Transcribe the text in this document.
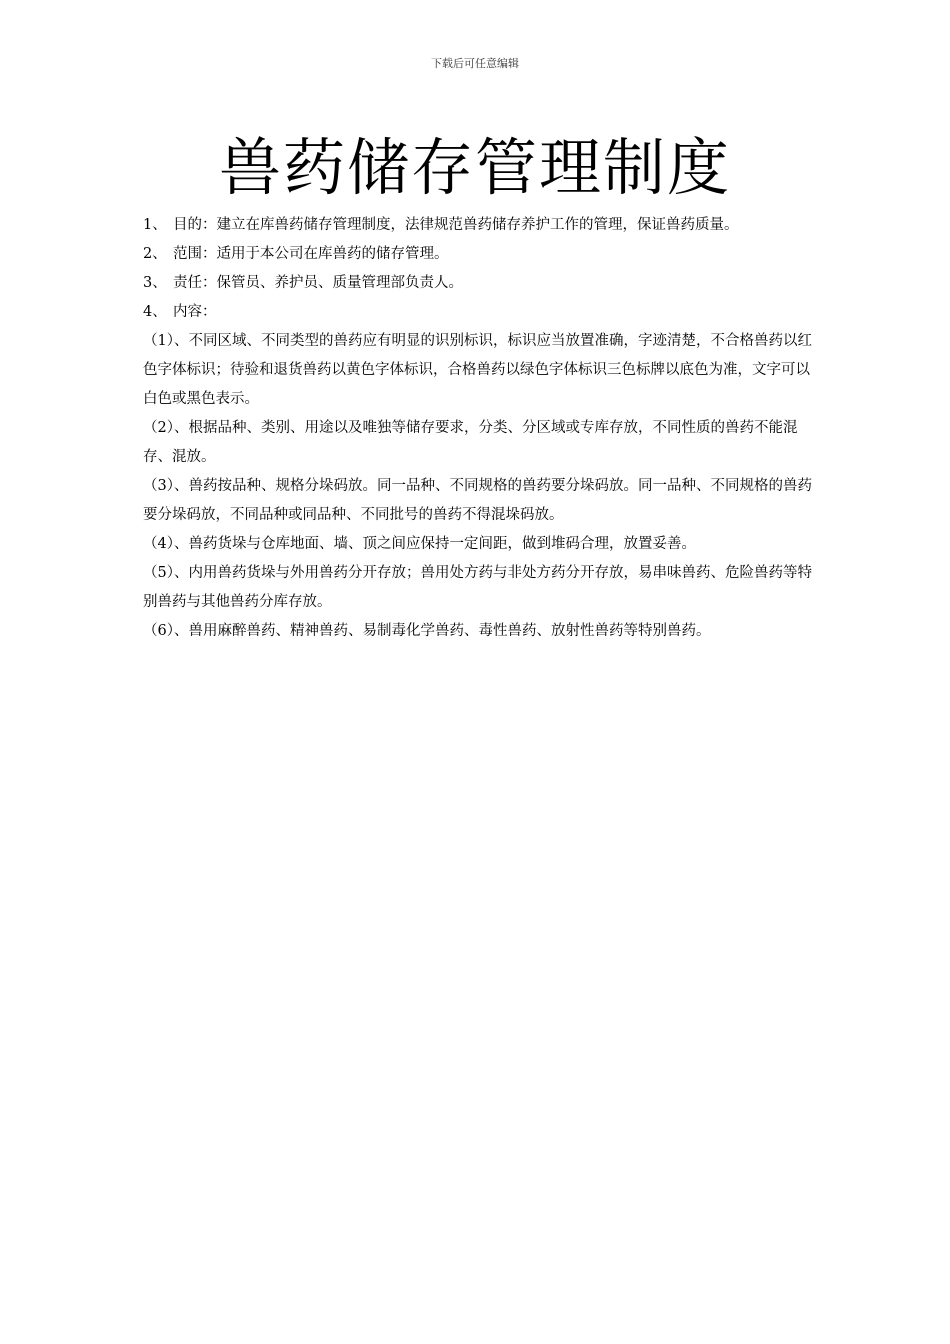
下载后可任意编辑
兽药储存管理制度
1、 目的：建立在库兽药储存管理制度，法律规范兽药储存养护工作的管理，保证兽药质量。
2、 范围：适用于本公司在库兽药的储存管理。
3、 责任：保管员、养护员、质量管理部负责人。
4、 内容：

（1）、不同区域、不同类型的兽药应有明显的识别标识，标识应当放置准确，字迹清楚，不合格兽药以红色字体标识；待验和退货兽药以黄色字体标识，合格兽药以绿色字体标识三色标牌以底色为准，文字可以白色或黑色表示。

（2）、根据品种、类别、用途以及唯独等储存要求，分类、分区域或专库存放，不同性质的兽药不能混存、混放。

（3）、兽药按品种、规格分垛码放。同一品种、不同规格的兽药要分垛码放。同一品种、不同规格的兽药要分垛码放，不同品种或同品种、不同批号的兽药不得混垛码放。

（4）、兽药货垛与仓库地面、墙、顶之间应保持一定间距，做到堆码合理，放置妥善。

（5）、内用兽药货垛与外用兽药分开存放；兽用处方药与非处方药分开存放，易串味兽药、危险兽药等特别兽药与其他兽药分库存放。

（6）、兽用麻醉兽药、精神兽药、易制毒化学兽药、毒性兽药、放射性兽药等特别兽药。
